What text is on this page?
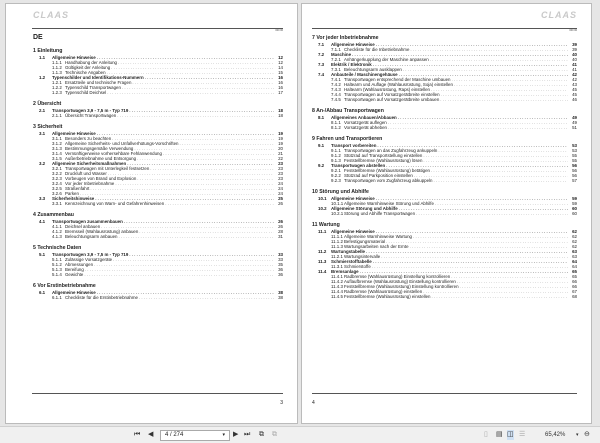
CLAAS
000 00
DE
1 Einleitung
1.1	Allgemeine Hinweise
. . .	12
1.1.1 Handhabung der Anleitung
. . .	12
1.1.2 Gültigkeit der Anleitung
. . .	14
1.1.3 Technische Angaben
. . .	15
1.2	Typenschilder und Identifikations-Nummern
. . .	16
1.2.1 Ersatzteile und technische Fragen
. . .	16
1.2.2 Typenschild Transportwagen
. . .	16
1.2.3 Typenschild Deichsel
. . .	17
2 Übersicht
2.1	Transportwagen 3,9 - 7,5 m - Typ 719
. . .	18
2.1.1 Übersicht Transportwagen
. . .	18
3 Sicherheit
3.1	Allgemeine Hinweise
. . .	19
3.1.1 Besonders zu beachten
. . .	19
3.1.2 Allgemeine Sicherheits- und Unfallverhütungs-Vorschriften
. . .	19
3.1.3 Bestimmungsgemäße Verwendung
. . .	20
3.1.4 Vernünftigerweise vorhersehbare Fehlanwendung
. . .	21
3.1.5 Außerbetriebnahme und Entsorgung
. . .	22
3.2	Allgemeine Sicherheitsmaßnahmen
. . .	23
3.2.1 Transportwagen mit Unterlegkeil festsetzen
. . .	23
3.2.2 Druckluft und Wasser
. . .	23
3.2.3 Vorbeugen von Brand und Explosion
. . .	23
3.2.4 Vor jeder Inbetriebnahme
. . .	24
3.2.5 Straßenfahrt
. . .	24
3.2.6 Parken
. . .	24
3.3	Sicherheitshinweise
. . .	25
3.3.1 Kennzeichnung von Warn- und Gefahrenhinweisen
. . .	26
4 Zusammenbau
4.1	Transportwagen zusammenbauen
. . .	26
4.1.1 Deichsel anbauen
. . .	26
4.1.2 Bremsseil (Wahlausrüstung) anbauen
. . .	28
4.1.3 Beleuchtungsarm anbauen
. . .	31
5 Technische Daten
5.1	Transportwagen 3,9 - 7,5 m - Typ 719
. . .	33
5.1.1 Zulässige Vorsatzgeräte
. . .	33
5.1.2 Abmessungen
. . .	35
5.1.3 Bereifung
. . .	36
5.1.4 Gewichte
. . .	36
6 Vor Erstinbetriebnahme
6.1	Allgemeine Hinweise
. . .	38
6.1.1 Checkliste für die Erstinbetriebnahme
. . .	38
3
CLAAS
000 00
7 Vor jeder Inbetriebnahme
7.1	Allgemeine Hinweise
. . .	39
7.1.1 Checkliste für die Inbetriebnahme
. . .	39
7.2	Maschine
. . .	40
7.2.1 Anhängerkupplung der Maschine anpassen
. . .	40
7.3	Elektrik / Elektronik
. . .	41
7.3.1 Beleuchtungsarm ausklappen
. . .	41
7.4	Anbauteile / Maschinengehäuse
. . .	42
7.4.1 Transportwagen entsprechend der Maschine umbauen
. . .	42
7.4.2 Haltearm und Auflage (Wahlausrüstung, Soja) einstellen
. . .	43
7.4.3 Haltearm (Wahlausrüstung, Raps) einstellen
. . .	45
7.4.4 Transportwagen auf Vorsatzgerätbreite einstellen
. . .	45
7.4.5 Transportwagen auf Vorsatzgerätbreite umbauen
. . .	46
8 An-/Abbau Transportwagen
8.1	Allgemeines Anbauen/Abbauen
. . .	49
8.1.1 Vorsatzgerät auflegen
. . .	49
8.1.2 Vorsatzgerät abheben
. . .	51
9 Fahren und Transportieren
9.1	Transport vorbereiten
. . .	53
9.1.1 Transportwagen an das Zugfahrzeug ankuppeln
. . .	53
9.1.2 Stützrad auf Transportstellung einstellen
. . .	55
9.1.3 Feststellbremse (Wahlausrüstung) lösen
. . .	55
9.2	Transportwagen abstellen
. . .	56
9.2.1 Feststellbremse (Wahlausrüstung) betätigen
. . .	56
9.2.2 Stützrad auf Parkposition einstellen
. . .	56
9.2.3 Transportwagen vom Zugfahrzeug abkuppeln
. . .	57
10 Störung und Abhilfe
10.1	Allgemeine Hinweise
. . .	59
10.1.1 Allgemeine Warnhinweise Störung und Abhilfe
. . .	59
10.2	Allgemeine Störung und Abhilfe
. . .	60
10.2.1 Störung und Abhilfe Transportwagen
. . .	60
11 Wartung
11.1	Allgemeine Hinweise
. . .	62
11.1.1 Allgemeine Warnhinweise Wartung
. . .	62
11.1.2 Befestigungsmaterial
. . .	62
11.1.3 Wartungsarbeiten nach der Ernte
. . .	62
11.2	Wartungstabelle
. . .	63
11.2.1 Wartungsintervalle
. . .	63
11.3	Schmierstofftabelle
. . .	64
11.3.1 Schmierstoffe
. . .	64
11.4	Bremsanlage
. . .	65
11.4.1 Radbremse (Wahlausrüstung) Einstellung kontrollieren
. . .	65
11.4.2 Auflaufbremse (Wahlausrüstung) Einstellung kontrollieren
. . .	66
11.4.3 Feststellbremse (Wahlausrüstung) Einstellung kontrollieren
. . .	66
11.4.4 Radbremse (Wahlausrüstung) einstellen
. . .	67
11.4.5 Feststellbremse (Wahlausrüstung) einstellen
. . .	68
4
⏮ ◀	4 / 274	▾ ▶ ⏭ ⧉ ⧉	▯ ▤ ◫ ☰	65,42% ▾ ⊖
